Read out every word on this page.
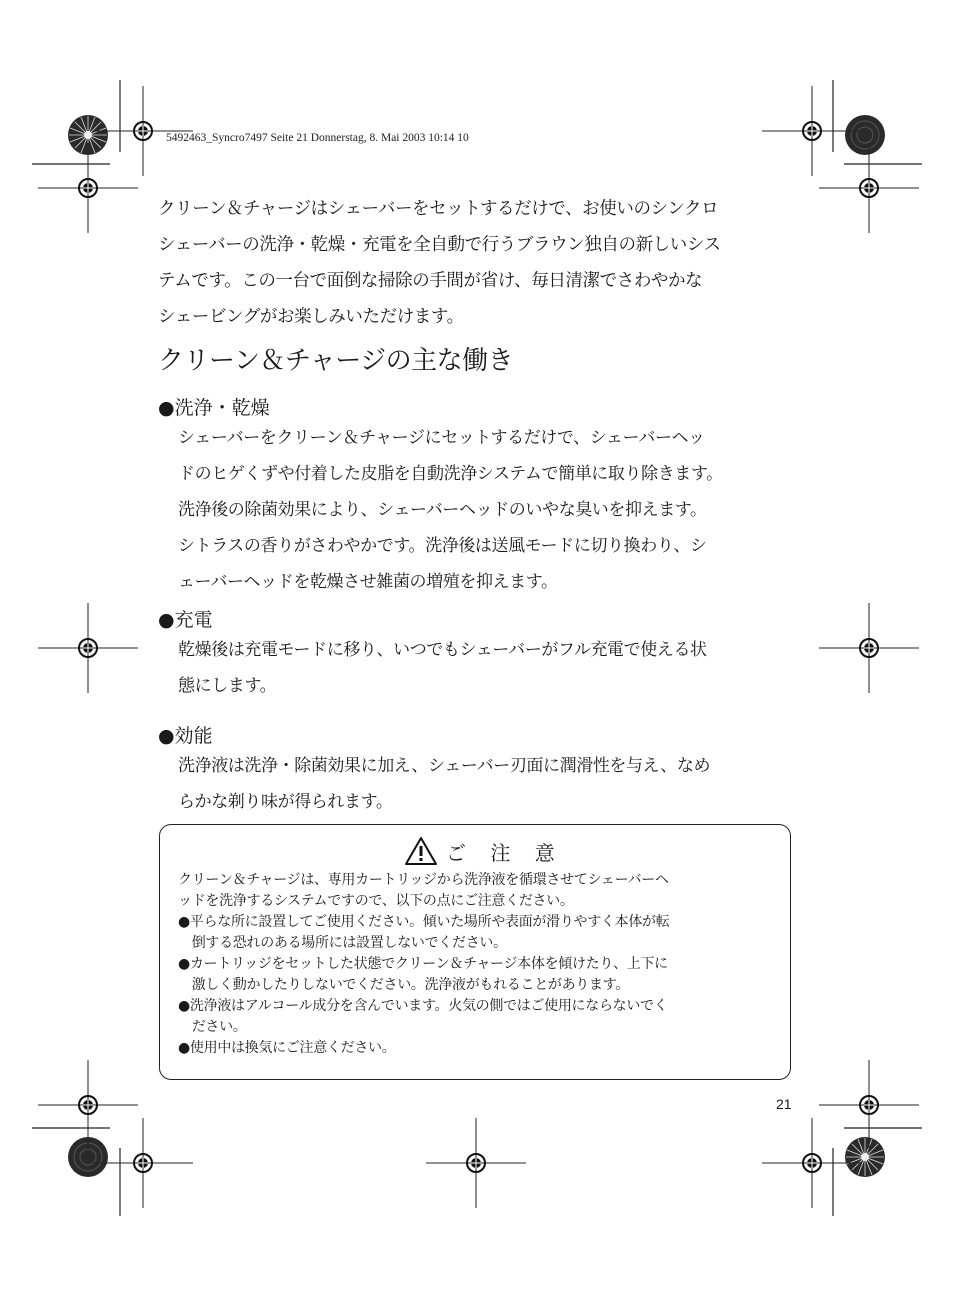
5492463_Syncro7497 Seite 21 Donnerstag, 8. Mai 2003 10:14 10

クリーン＆チャージはシェーバーをセットするだけで、お使いのシンクロ

シェーバーの洗浄・乾燥・充電を全自動で行うブラウン独自の新しいシス

テムです。この一台で面倒な掃除の手間が省け、毎日清潔でさわやかな

シェービングがお楽しみいただけます。

クリーン＆チャージの主な働き
●洗浄・乾燥

シェーバーをクリーン＆チャージにセットするだけで、シェーバーヘッ

ドのヒゲくずや付着した皮脂を自動洗浄システムで簡単に取り除きます。

洗浄後の除菌効果により、シェーバーヘッドのいやな臭いを抑えます。

シトラスの香りがさわやかです。洗浄後は送風モードに切り換わり、シ

ェーバーヘッドを乾燥させ雑菌の増殖を抑えます。

●充電

乾燥後は充電モードに移り、いつでもシェーバーがフル充電で使える状

態にします。

●効能

洗浄液は洗浄・除菌効果に加え、シェーバー刃面に潤滑性を与え、なめ

らかな剃り味が得られます。

ご 注 意

クリーン＆チャージは、専用カートリッジから洗浄液を循環させてシェーバーヘ

ッドを洗浄するシステムですので、以下の点にご注意ください。

●平らな所に設置してご使用ください。傾いた場所や表面が滑りやすく本体が転

　倒する恐れのある場所には設置しないでください。

●カートリッジをセットした状態でクリーン＆チャージ本体を傾けたり、上下に

　激しく動かしたりしないでください。洗浄液がもれることがあります。

●洗浄液はアルコール成分を含んでいます。火気の側ではご使用にならないでく

　ださい。

●使用中は換気にご注意ください。

21
